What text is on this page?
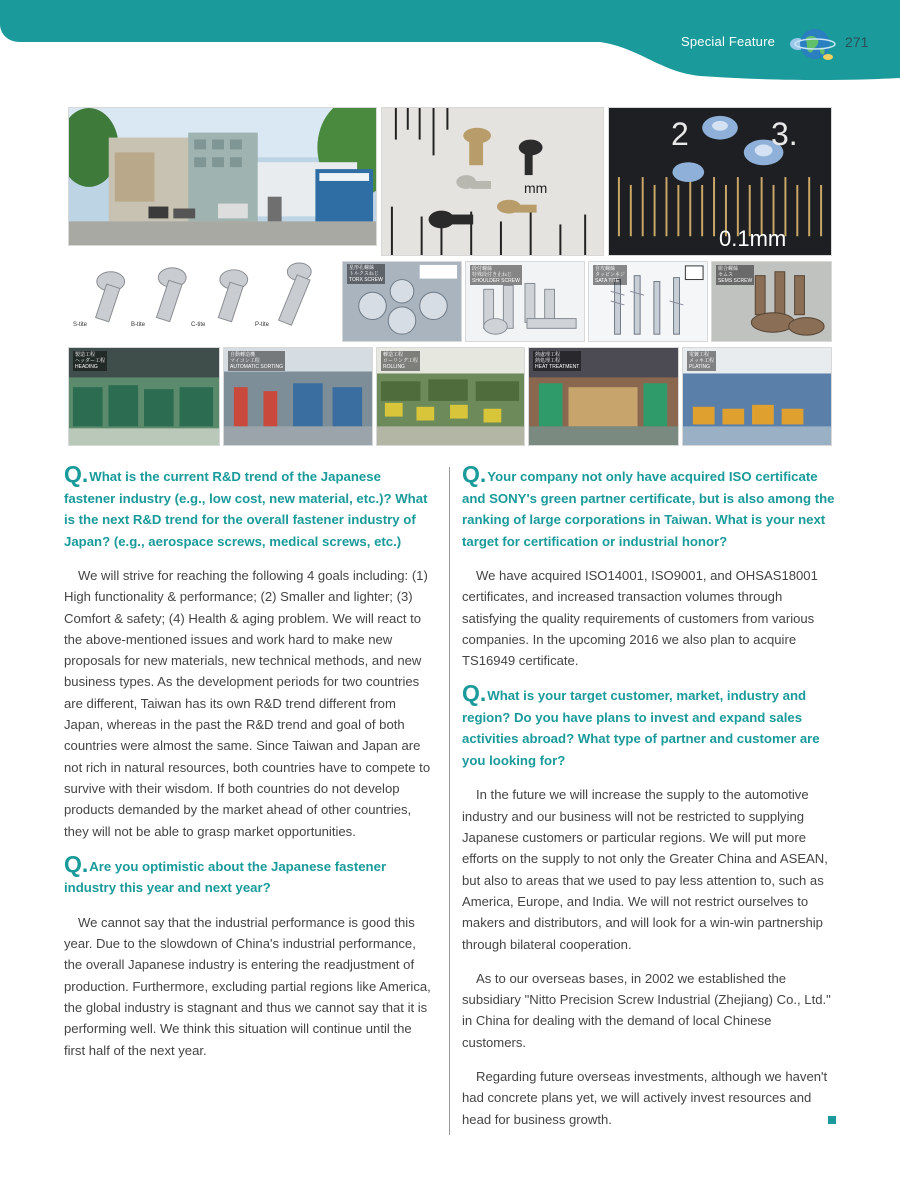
Special Feature	271
mm
2	3.
0.1mm
S-tite	B-tite	C-tite	P-tite
星形孔螺絲
トルクスねじ
TORX SCREW
段付螺絲
特殊段付き止ねじ
SHOULDER SCREW
自攻螺絲
タッピンネジ
SATA TITE
組合螺絲
セムス
SEMS SCREW
製造工程
ヘッダー工程
HEADING
自動轉造機
マイコン工程
AUTOMATIC SORTING
轉造工程
ローリング工程
ROLLING
熱處理工程
熱処理工程
HEAT TREATMENT
電鍍工程
メッキ工程
PLATING
Q.What is the current R&D trend of the Japanese fastener industry (e.g., low cost, new material, etc.)? What is the next R&D trend for the overall fastener industry of Japan? (e.g., aerospace screws, medical screws, etc.)

We will strive for reaching the following 4 goals including: (1) High functionality & performance; (2) Smaller and lighter; (3) Comfort & safety; (4) Health & aging problem. We will react to the above-mentioned issues and work hard to make new proposals for new materials, new technical methods, and new business types. As the development periods for two countries are different, Taiwan has its own R&D trend different from Japan, whereas in the past the R&D trend and goal of both countries were almost the same. Since Taiwan and Japan are not rich in natural resources, both countries have to compete to survive with their wisdom. If both countries do not develop products demanded by the market ahead of other countries, they will not be able to grasp market opportunities.

Q.Are you optimistic about the Japanese fastener industry this year and next year?

We cannot say that the industrial performance is good this year. Due to the slowdown of China's industrial performance, the overall Japanese industry is entering the readjustment of production. Furthermore, excluding partial regions like America, the global industry is stagnant and thus we cannot say that it is performing well. We think this situation will continue until the first half of the next year.

Q.Your company not only have acquired ISO certificate and SONY's green partner certificate, but is also among the ranking of large corporations in Taiwan. What is your next target for certification or industrial honor?

We have acquired ISO14001, ISO9001, and OHSAS18001 certificates, and increased transaction volumes through satisfying the quality requirements of customers from various companies. In the upcoming 2016 we also plan to acquire TS16949 certificate.

Q.What is your target customer, market, industry and region? Do you have plans to invest and expand sales activities abroad? What type of partner and customer are you looking for?

In the future we will increase the supply to the automotive industry and our business will not be restricted to supplying Japanese customers or particular regions. We will put more efforts on the supply to not only the Greater China and ASEAN, but also to areas that we used to pay less attention to, such as America, Europe, and India. We will not restrict ourselves to makers and distributors, and will look for a win-win partnership through bilateral cooperation.

As to our overseas bases, in 2002 we established the subsidiary "Nitto Precision Screw Industrial (Zhejiang) Co., Ltd." in China for dealing with the demand of local Chinese customers.

Regarding future overseas investments, although we haven't had concrete plans yet, we will actively invest resources and head for business growth.
